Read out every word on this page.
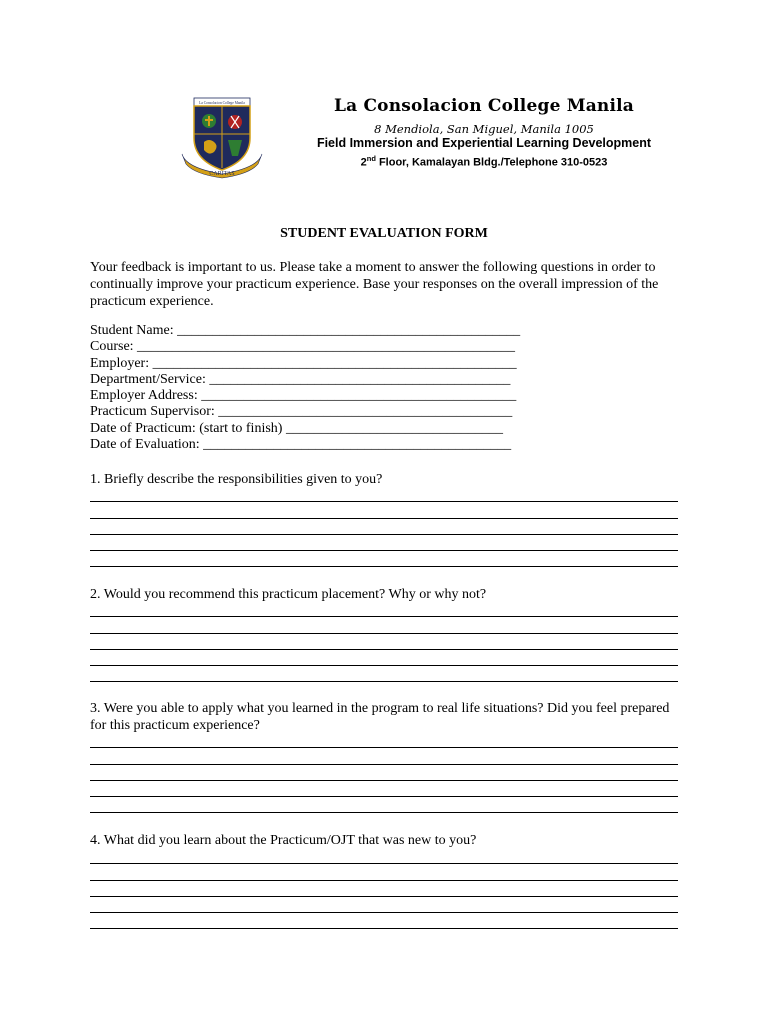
La Consolacion College Manila
CARITAS
La Consolacion College Manila
8 Mendiola, San Miguel, Manila 1005
Field Immersion and Experiential Learning Development
2nd Floor, Kamalayan Bldg./Telephone 310-0523
STUDENT EVALUATION FORM
Your feedback is important to us. Please take a moment to answer the following questions in order to continually improve your practicum experience. Base your responses on the overall impression of the practicum experience.
Student Name: _________________________________________________
Course: ______________________________________________________
Employer: ____________________________________________________
Department/Service: ___________________________________________
Employer Address: _____________________________________________
Practicum Supervisor: __________________________________________
Date of Practicum: (start to finish) _______________________________
Date of Evaluation: ____________________________________________
1. Briefly describe the responsibilities given to you?
2. Would you recommend this practicum placement? Why or why not?
3. Were you able to apply what you learned in the program to real life situations? Did you feel prepared for this practicum experience?
4. What did you learn about the Practicum/OJT that was new to you?
